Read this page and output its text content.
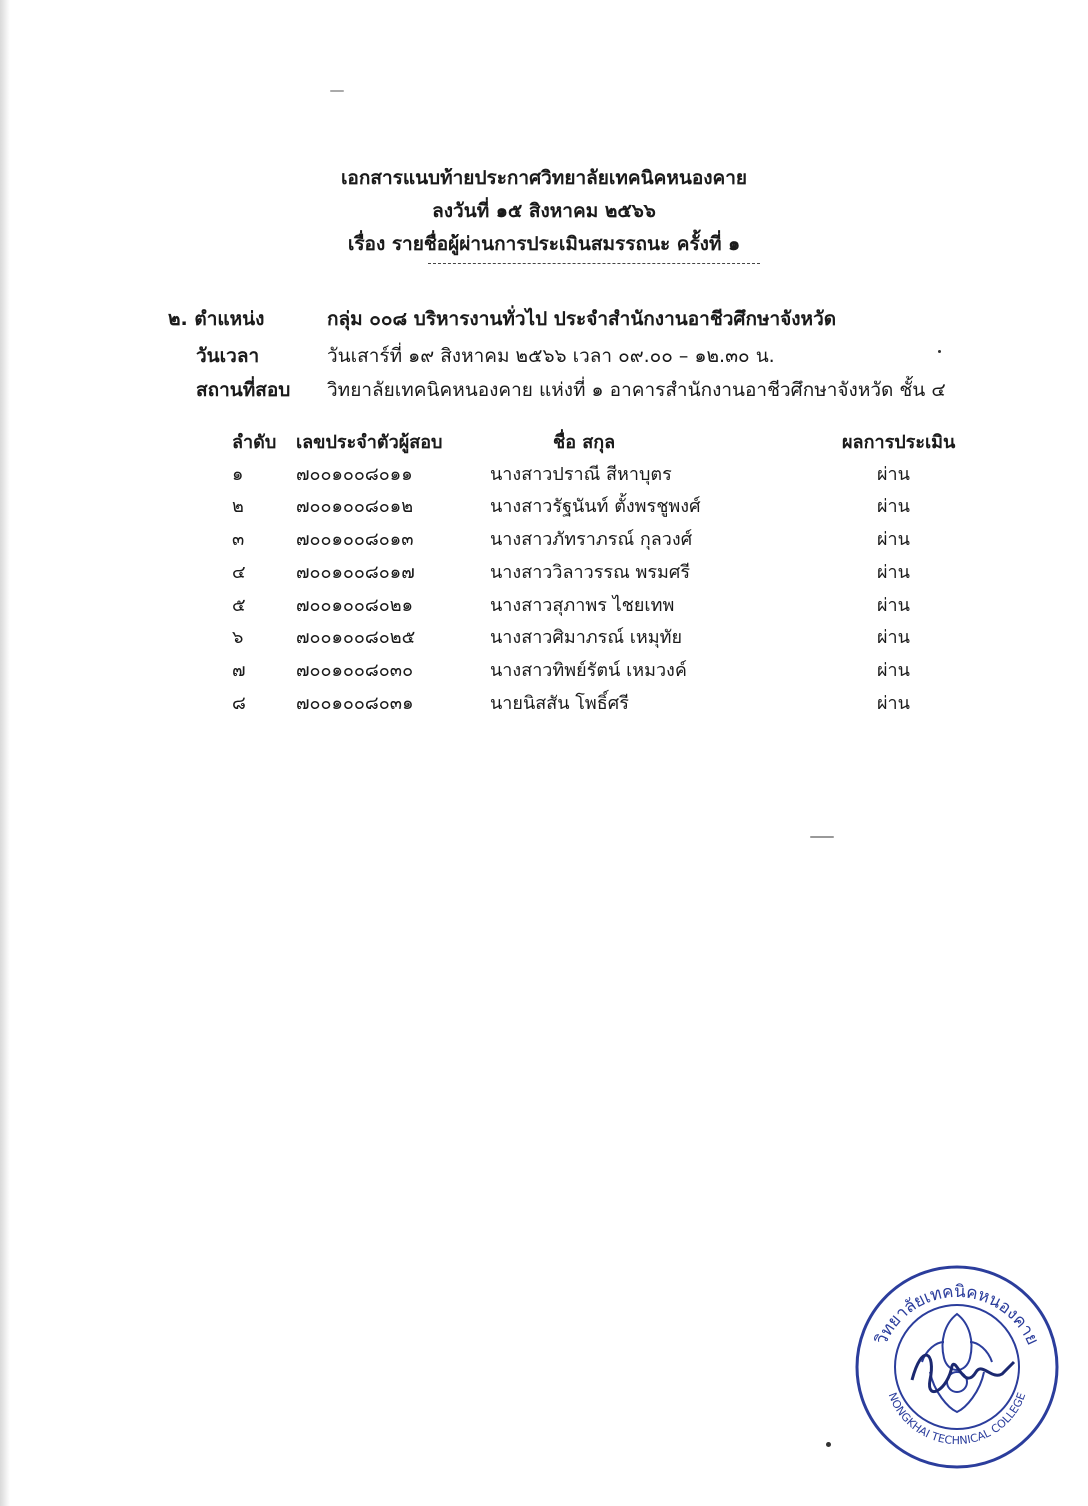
เอกสารแนบท้ายประกาศวิทยาลัยเทคนิคหนองคาย
ลงวันที่ ๑๕ สิงหาคม ๒๕๖๖
เรื่อง รายชื่อผู้ผ่านการประเมินสมรรถนะ ครั้งที่ ๑
๒. ตำแหน่ง	กลุ่ม ๐๐๘ บริหารงานทั่วไป ประจำสำนักงานอาชีวศึกษาจังหวัด
วันเวลา	วันเสาร์ที่ ๑๙ สิงหาคม ๒๕๖๖ เวลา ๐๙.๐๐ – ๑๒.๓๐ น.
สถานที่สอบ วิทยาลัยเทคนิคหนองคาย แห่งที่ ๑ อาคารสำนักงานอาชีวศึกษาจังหวัด ชั้น ๔
ลำดับ เลขประจำตัวผู้สอบ	ชื่อ สกุล	ผลการประเมิน
๑	๗๐๐๑๐๐๘๐๑๑	นางสาวปราณี สีหาบุตร	ผ่าน
๒	๗๐๐๑๐๐๘๐๑๒	นางสาวรัฐนันท์ ตั้งพรชูพงศ์	ผ่าน
๓	๗๐๐๑๐๐๘๐๑๓	นางสาวภัทราภรณ์ กุลวงศ์	ผ่าน
๔	๗๐๐๑๐๐๘๐๑๗	นางสาววิลาวรรณ พรมศรี	ผ่าน
๕	๗๐๐๑๐๐๘๐๒๑	นางสาวสุภาพร ไชยเทพ	ผ่าน
๖	๗๐๐๑๐๐๘๐๒๕	นางสาวศิมาภรณ์ เหมุทัย	ผ่าน
๗	๗๐๐๑๐๐๘๐๓๐	นางสาวทิพย์รัตน์ เหมวงค์	ผ่าน
๘	๗๐๐๑๐๐๘๐๓๑	นายนิสสัน โพธิ์ศรี	ผ่าน
วิทยาลัยเทคนิคหนองคาย
NONGKHAI TECHNICAL COLLEGE
